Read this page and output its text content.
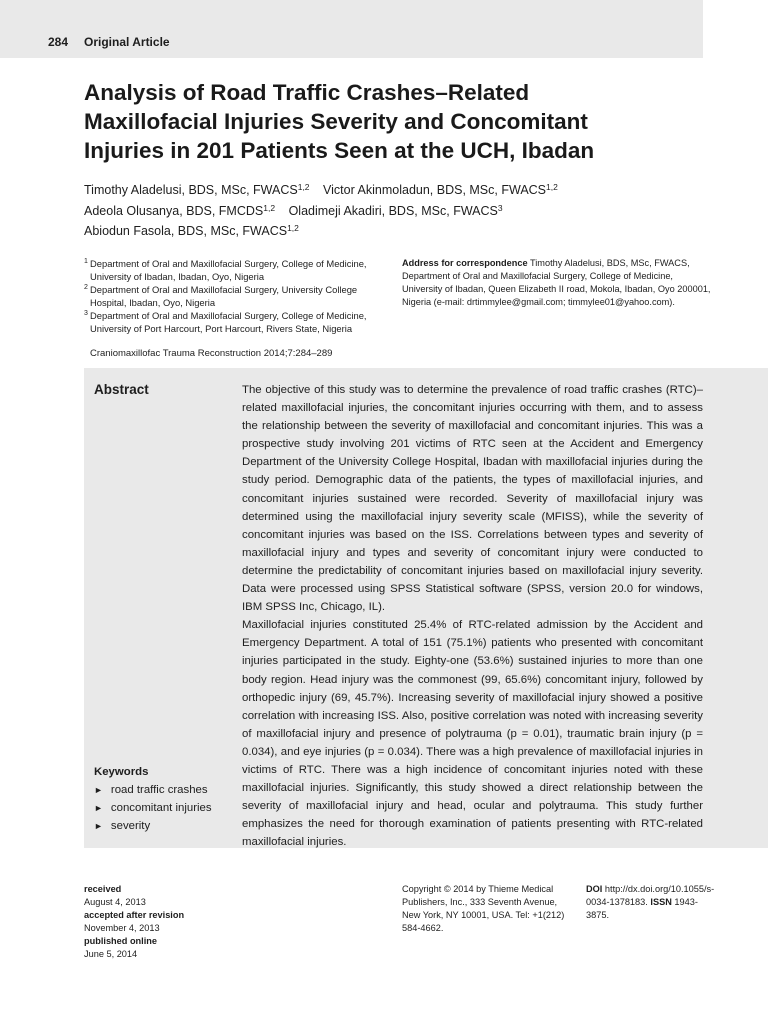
284 Original Article
Analysis of Road Traffic Crashes–Related
Maxillofacial Injuries Severity and Concomitant
Injuries in 201 Patients Seen at the UCH, Ibadan
Timothy Aladelusi, BDS, MSc, FWACS$^{1,2}$ Victor Akinmoladun, BDS, MSc, FWACS$^{1,2}$
Adeola Olusanya, BDS, FMCDS$^{1,2}$ Oladimeji Akadiri, BDS, MSc, FWACS$^3$
Abiodun Fasola, BDS, MSc, FWACS$^{1,2}$
1 Department of Oral and Maxillofacial Surgery, College of Medicine, University of Ibadan, Ibadan, Oyo, Nigeria
2 Department of Oral and Maxillofacial Surgery, University College Hospital, Ibadan, Oyo, Nigeria
3 Department of Oral and Maxillofacial Surgery, College of Medicine, University of Port Harcourt, Port Harcourt, Rivers State, Nigeria
Address for correspondence Timothy Aladelusi, BDS, MSc, FWACS, Department of Oral and Maxillofacial Surgery, College of Medicine, University of Ibadan, Queen Elizabeth II road, Mokola, Ibadan, Oyo 200001, Nigeria (e-mail: drtimmylee@gmail.com; timmylee01@yahoo.com).
Craniomaxillofac Trauma Reconstruction 2014;7:284–289
Abstract	The objective of this study was to determine the prevalence of road traffic crashes (RTC)–related maxillofacial injuries, the concomitant injuries occurring with them, and to assess the relationship between the severity of maxillofacial and concomitant injuries. This was a prospective study involving 201 victims of RTC seen at the Accident and Emergency Department of the University College Hospital, Ibadan with maxillofacial injuries during the study period. Demographic data of the patients, the types of maxillofacial injuries, and concomitant injuries sustained were recorded. Severity of maxillofacial injury was determined using the maxillofacial injury severity scale (MFISS), while the severity of concomitant injuries was based on the ISS. Correlations between types and severity of maxillofacial injury and types and severity of concomitant injury were conducted to determine the predictability of concomitant injuries based on maxillofacial injury severity. Data were processed using SPSS Statistical software (SPSS, version 20.0 for windows, IBM SPSS Inc, Chicago, IL).

Maxillofacial injuries constituted 25.4% of RTC-related admission by the Accident and Emergency Department. A total of 151 (75.1%) patients who presented with concomitant injuries participated in the study. Eighty-one (53.6%) sustained injuries to more than one body region. Head injury was the commonest (99, 65.6%) concomitant injury, followed by orthopedic injury (69, 45.7%). Increasing severity of maxillofacial injury showed a positive correlation with increasing ISS. Also, positive correlation was noted with increasing severity of maxillofacial injury and presence of polytrauma (p = 0.01), traumatic brain injury (p = 0.034), and eye injuries (p = 0.034). There was a high prevalence of maxillofacial injuries in victims of RTC. There was a high incidence of concomitant injuries noted with these maxillofacial injuries. Significantly, this study showed a direct relationship between the severity of maxillofacial injury and head, ocular and polytrauma. This study further emphasizes the need for thorough examination of patients presenting with RTC-related maxillofacial injuries.

Keywords
► road traffic crashes
► concomitant injuries
► severity
received
August 4, 2013
accepted after revision
November 4, 2013
published online
June 5, 2014
Copyright © 2014 by Thieme Medical Publishers, Inc., 333 Seventh Avenue, New York, NY 10001, USA. Tel: +1(212) 584-4662.
DOI http://dx.doi.org/10.1055/s-0034-1378183. ISSN 1943-3875.
